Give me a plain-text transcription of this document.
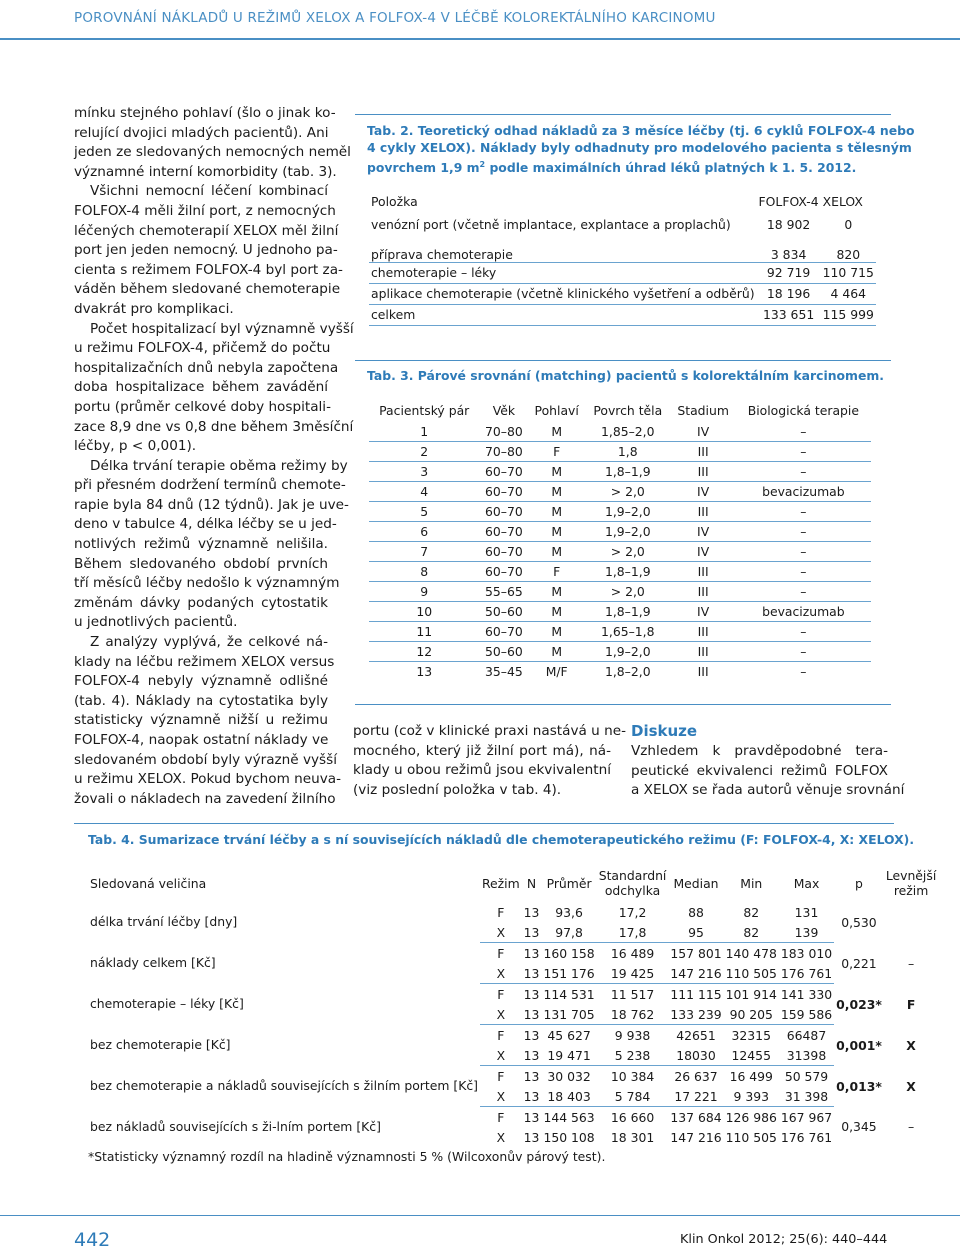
POROVNÁNÍ NÁKLADŮ U REŽIMŮ XELOX A FOLFOX-4 V LÉČBĚ KOLOREKTÁLNÍHO KARCINOMU

mínku stejného pohlaví (šlo o jinak ko-

relující dvojici mladých pacientů). Ani

jeden ze sledovaných nemocných neměl

významné interní komorbidity (tab. 3).

Všichni nemocní léčení kombinací

FOLFOX-4 měli žilní port, z nemocných

léčených chemoterapií XELOX měl žilní

port jen jeden nemocný. U jednoho pa-

cienta s režimem FOLFOX-4 byl port za-

váděn během sledované chemoterapie

dvakrát pro komplikaci.

Počet hospitalizací byl významně vyšší

u režimu FOLFOX-4, přičemž do počtu

hospitalizačních dnů nebyla započtena

doba hospitalizace během zavádění

portu (průměr celkové doby hospitali-

zace 8,9 dne vs 0,8 dne během 3měsíční

léčby, p < 0,001).

Délka trvání terapie oběma režimy by

při přesném dodržení termínů chemote-

rapie byla 84 dnů (12 týdnů). Jak je uve-

deno v tabulce 4, délka léčby se u jed-

notlivých režimů významně nelišila.

Během sledovaného období prvních

tří měsíců léčby nedošlo k významným

změnám dávky podaných cytostatik

u jednotlivých pacientů.

Z analýzy vyplývá, že celkové ná-

klady na léčbu režimem XELOX versus

FOLFOX-4 nebyly významně odlišné

(tab. 4). Náklady na cytostatika byly

statisticky významně nižší u režimu

FOLFOX-4, naopak ostatní náklady ve

sledovaném období byly výrazně vyšší

u režimu XELOX. Pokud bychom neuva-

žovali o nákladech na zavedení žilního

Tab. 2. Teoretický odhad nákladů za 3 měsíce léčby (tj. 6 cyklů FOLFOX-4 nebo

4 cykly XELOX). Náklady byly odhadnuty pro modelového pacienta s tělesným

povrchem 1,9 $m^2$ podle maximálních úhrad léků platných k 1. 5. 2012.

Položka	FOLFOX-4	XELOX
venózní port (včetně implantace, explantace a proplachů)	18 902	0
příprava chemoterapie	3 834	820
chemoterapie – léky	92 719	110 715
aplikace chemoterapie (včetně klinického vyšetření a odběrů)	18 196	4 464
celkem	133 651	115 999

Tab. 3. Párové srovnání (matching) pacientů s kolorektálním karcinomem.

Pacientský pár	Věk	Pohlaví	Povrch těla	Stadium	Biologická terapie
1	70–80	M	1,85–2,0	IV	–
2	70–80	F	1,8	III	–
3	60–70	M	1,8–1,9	III	–
4	60–70	M	> 2,0	IV	bevacizumab
5	60–70	M	1,9–2,0	III	–
6	60–70	M	1,9–2,0	IV	–
7	60–70	M	> 2,0	IV	–
8	60–70	F	1,8–1,9	III	–
9	55–65	M	> 2,0	III	–
10	50–60	M	1,8–1,9	IV	bevacizumab
11	60–70	M	1,65–1,8	III	–
12	50–60	M	1,9–2,0	III	–
13	35–45	M/F	1,8–2,0	III	–

portu (což v klinické praxi nastává u ne-

mocného, který již žilní port má), ná-

klady u obou režimů jsou ekvivalentní

(viz poslední položka v tab. 4).

Diskuze

Vzhledem k pravděpodobné tera-

peutické ekvivalenci režimů FOLFOX

a XELOX se řada autorů věnuje srovnání

Tab. 4. Sumarizace trvání léčby a s ní souvisejících nákladů dle chemoterapeutického režimu (F: FOLFOX-4, X: XELOX).

Sledovaná veličina	Režim	N	Průměr	Standardní odchylka	Median	Min	Max	p	Levnější režim
délka trvání léčby [dny]	F	13	93,6	17,2	88	82	131	0,530	
	X	13	97,8	17,8	95	82	139		
náklady celkem [Kč]	F	13	160 158	16 489	157 801	140 478	183 010	0,221	–
	X	13	151 176	19 425	147 216	110 505	176 761		
chemoterapie – léky [Kč]	F	13	114 531	11 517	111 115	101 914	141 330	0,023*	F
	X	13	131 705	18 762	133 239	90 205	159 586		
bez chemoterapie [Kč]	F	13	45 627	9 938	42651	32315	66487	0,001*	X
	X	13	19 471	5 238	18030	12455	31398		
bez chemoterapie a nákladů souvisejících s žilním portem [Kč]	F	13	30 032	10 384	26 637	16 499	50 579	0,013*	X
	X	13	18 403	5 784	17 221	9 393	31 398		
bez nákladů souvisejících s ži-lním portem [Kč]	F	13	144 563	16 660	137 684	126 986	167 967	0,345	–
	X	13	150 108	18 301	147 216	110 505	176 761		
*Statisticky významný rozdíl na hladině významnosti 5 % (Wilcoxonův párový test).
442	Klin Onkol 2012; 25(6): 440–444
